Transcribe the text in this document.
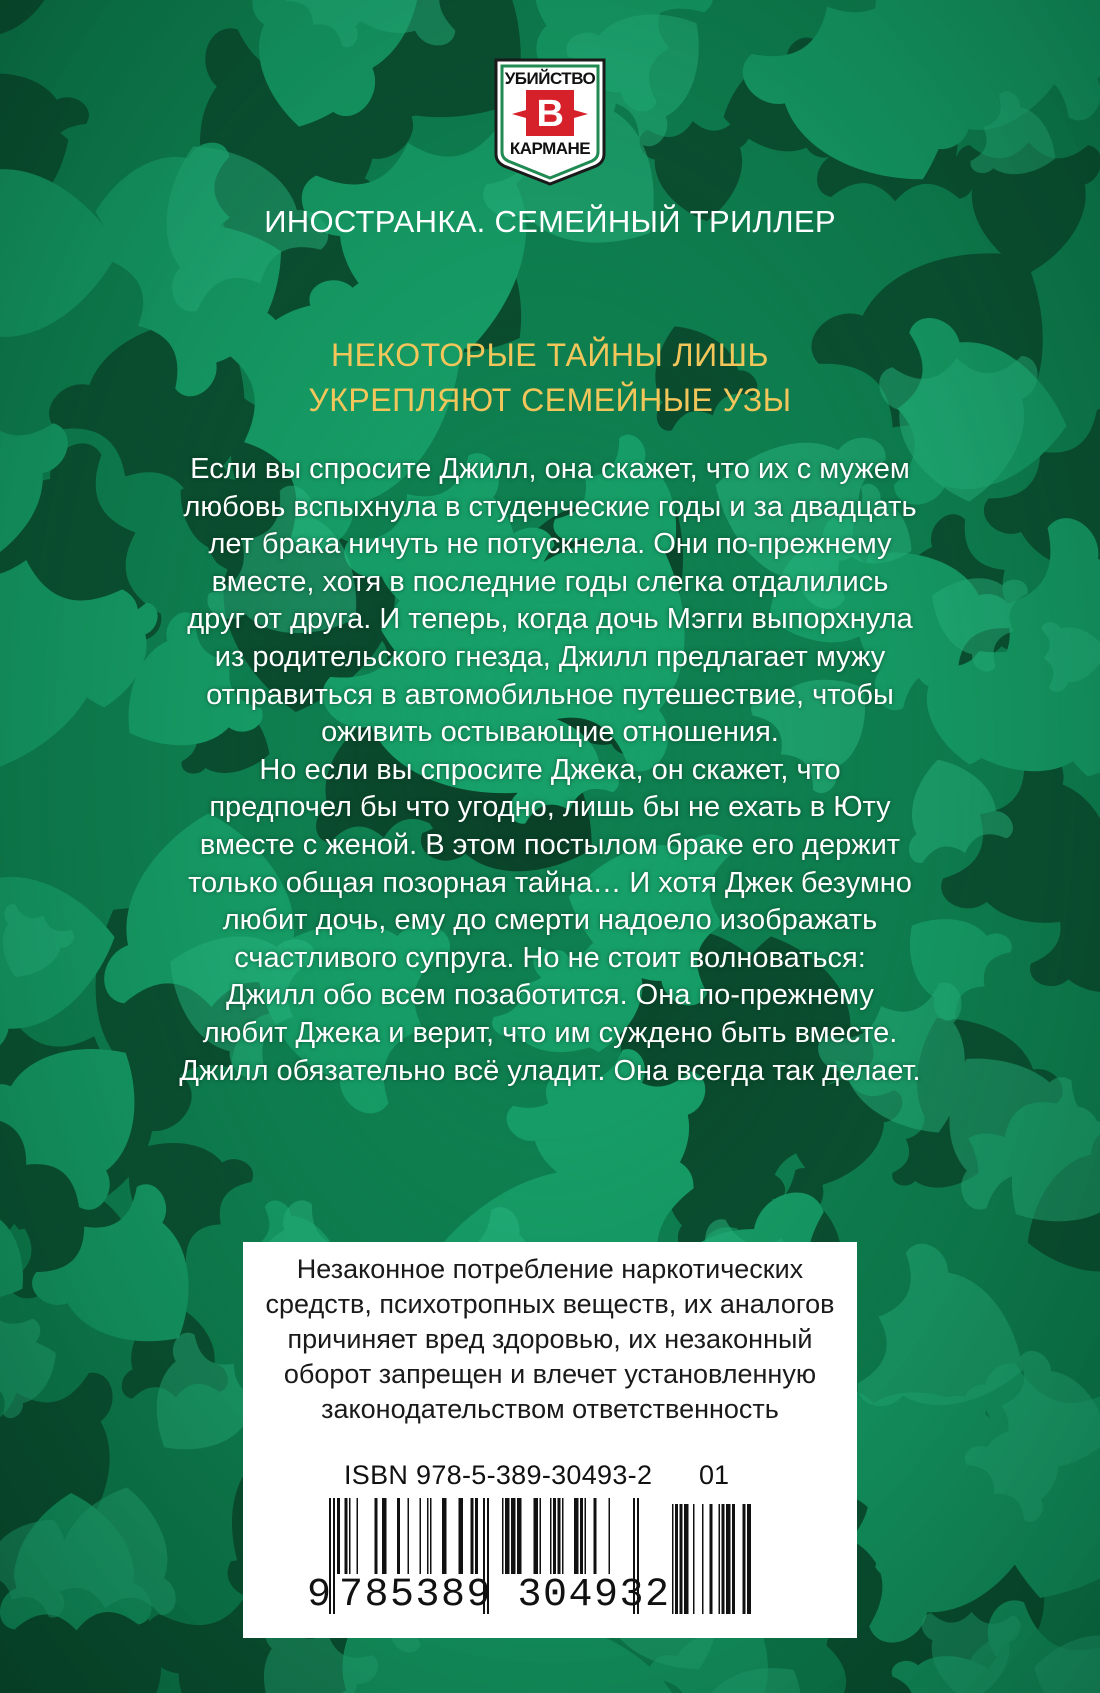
УБИЙСТВО
В
КАРМАНЕ
ИНОСТРАНКА. СЕМЕЙНЫЙ ТРИЛЛЕР
НЕКОТОРЫЕ ТАЙНЫ ЛИШЬ
УКРЕПЛЯЮТ СЕМЕЙНЫЕ УЗЫ
Если вы спросите Джилл, она скажет, что их с мужем
любовь вспыхнула в студенческие годы и за двадцать
лет брака ничуть не потускнела. Они по-прежнему
вместе, хотя в последние годы слегка отдалились
друг от друга. И теперь, когда дочь Мэгги выпорхнула
из родительского гнезда, Джилл предлагает мужу
отправиться в автомобильное путешествие, чтобы
оживить остывающие отношения.
Но если вы спросите Джека, он скажет, что
предпочел бы что угодно, лишь бы не ехать в Юту
вместе с женой. В этом постылом браке его держит
только общая позорная тайна… И хотя Джек безумно
любит дочь, ему до смерти надоело изображать
счастливого супруга. Но не стоит волноваться:
Джилл обо всем позаботится. Она по-прежнему
любит Джека и верит, что им суждено быть вместе.
Джилл обязательно всё уладит. Она всегда так делает.
Незаконное потребление наркотических
средств, психотропных веществ, их аналогов
причиняет вред здоровью, их незаконный
оборот запрещен и влечет установленную
законодательством ответственность
ISBN 978-5-389-30493-2 01
9 785389 304932
